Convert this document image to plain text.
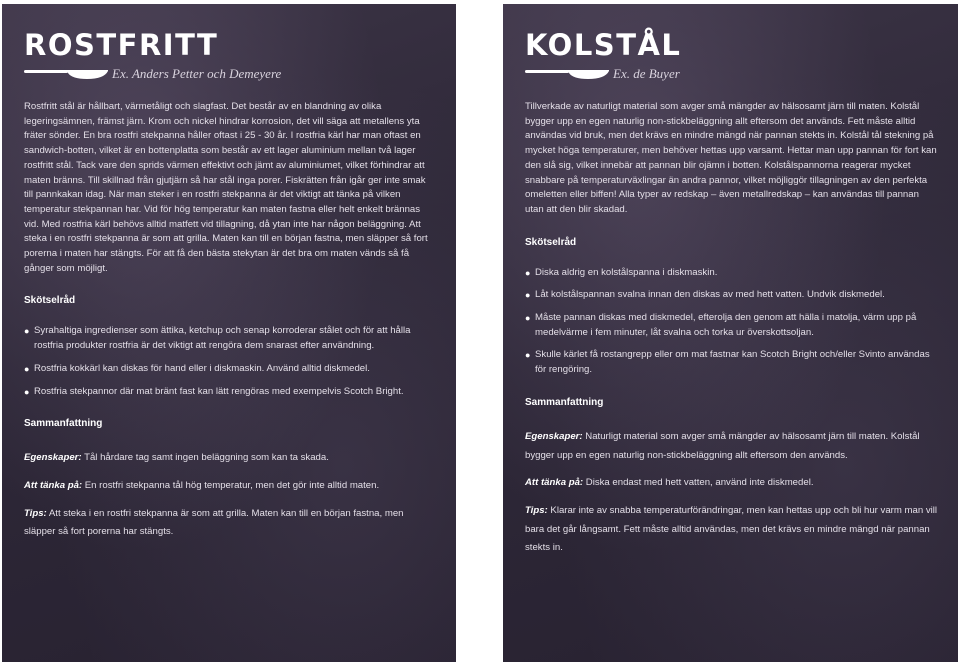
ROSTFRITT
Ex. Anders Petter och Demeyere

Rostfritt stål är hållbart, värmetåligt och slagfast. Det består av en blandning av olika legeringsämnen, främst järn. Krom och nickel hindrar korrosion, det vill säga att metallens yta fräter sönder. En bra rostfri stekpanna håller oftast i 25 - 30 år. I rostfria kärl har man oftast en sandwich-botten, vilket är en bottenplatta som består av ett lager aluminium mellan två lager rostfritt stål. Tack vare den sprids värmen effektivt och jämt av aluminiumet, vilket förhindrar att maten bränns. Till skillnad från gjutjärn så har stål inga porer. Fiskrätten från igår ger inte smak till pannkakan idag. När man steker i en rostfri stekpanna är det viktigt att tänka på vilken temperatur stekpannan har. Vid för hög temperatur kan maten fastna eller helt enkelt brännas vid. Med rostfria kärl behövs alltid matfett vid tillagning, då ytan inte har någon beläggning. Att steka i en rostfri stekpanna är som att grilla. Maten kan till en början fastna, men släpper så fort porerna i maten har stängts. För att få den bästa stekytan är det bra om maten vänds så få gånger som möjligt.

Skötselråd
● Syrahaltiga ingredienser som ättika, ketchup och senap korroderar stålet och för att hålla rostfria produkter rostfria är det viktigt att rengöra dem snarast efter användning.
● Rostfria kokkärl kan diskas för hand eller i diskmaskin. Använd alltid diskmedel.
● Rostfria stekpannor där mat bränt fast kan lätt rengöras med exempelvis Scotch Bright.
Sammanfattning

Egenskaper: Tål hårdare tag samt ingen beläggning som kan ta skada.

Att tänka på: En rostfri stekpanna tål hög temperatur, men det gör inte alltid maten.

Tips: Att steka i en rostfri stekpanna är som att grilla. Maten kan till en början fastna, men släpper så fort porerna har stängts.

KOLSTÅL
Ex. de Buyer

Tillverkade av naturligt material som avger små mängder av hälsosamt järn till maten. Kolstål bygger upp en egen naturlig non-stickbeläggning allt eftersom det används. Fett måste alltid användas vid bruk, men det krävs en mindre mängd när pannan stekts in. Kolstål tål stekning på mycket höga temperaturer, men behöver hettas upp varsamt. Hettar man upp pannan för fort kan den slå sig, vilket innebär att pannan blir ojämn i botten. Kolstålspannorna reagerar mycket snabbare på temperaturväxlingar än andra pannor, vilket möjliggör tillagningen av den perfekta omeletten eller biffen! Alla typer av redskap – även metallredskap – kan användas till pannan utan att den blir skadad.

Skötselråd
● Diska aldrig en kolstålspanna i diskmaskin.
● Låt kolstålspannan svalna innan den diskas av med hett vatten. Undvik diskmedel.
● Måste pannan diskas med diskmedel, efterolja den genom att hälla i matolja, värm upp på medelvärme i fem minuter, låt svalna och torka ur överskottsoljan.
● Skulle kärlet få rostangrepp eller om mat fastnar kan Scotch Bright och/eller Svinto användas för rengöring.
Sammanfattning

Egenskaper: Naturligt material som avger små mängder av hälsosamt järn till maten. Kolstål bygger upp en egen naturlig non-stickbeläggning allt eftersom den används.

Att tänka på: Diska endast med hett vatten, använd inte diskmedel.

Tips: Klarar inte av snabba temperaturförändringar, men kan hettas upp och bli hur varm man vill bara det går långsamt. Fett måste alltid användas, men det krävs en mindre mängd när pannan stekts in.
